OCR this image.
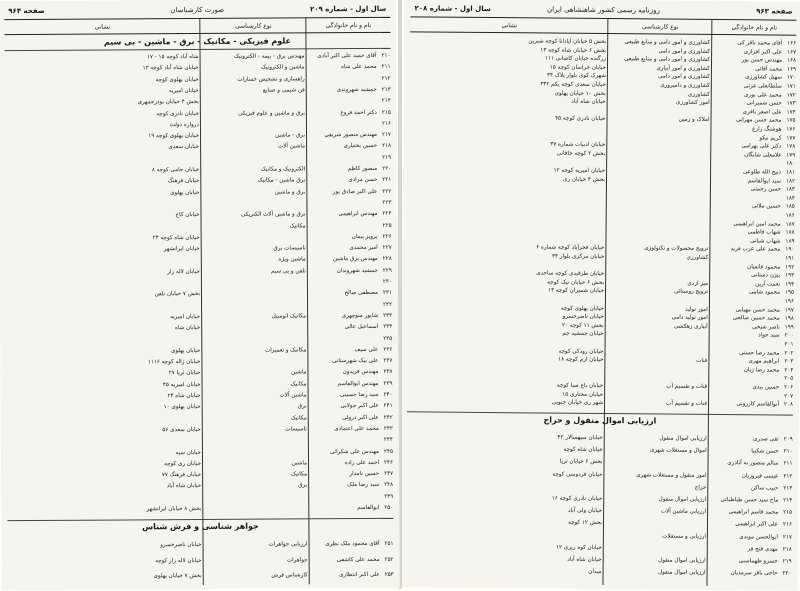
صفحه ۹۶۳
روزنامه رسمی کشور شاهنشاهی ایران
سال اول - شماره ۲۰۸
نام و نام خانوادگی
نوع کارشناسی
نشانی
۱۶۶
آقای محمد باقر کی
کشاورزی و امور دامی و منابع طبیعی
بخش ۵ خیابان آپادانا کوچه شیرین
۱۶۷
علی اکبر افرازی
کشاورزی و امور دامی
بخش ۶ خیابان شاه کوچه ۱۳
۱۶۸
مهندس حسن پور
کشاورزی و امور دامی و منابع طبیعی
زرگنده خیابان کاشانی ۱۱۱
۱۶۹
محمد آقائی
کشاورزی و امور آبیاری
خیابان خراسان کوچه ۱۵
۱۷۰
سهیل کشاورزی
کشاورزی و امور دامی
شهرک کوی بلوار پلاک ۳۴
۱۷۱
سلطانعلی عزتی
کشاورزی و دامپروری
خیابان سعدی کوچه یکم ۳۴۲
۱۷۲
محمد علی بوری
کشاورزی
بخش ۱۰ خیابان پهلوی
۱۷۳
حسن شمیرانی
امور کشاورزی
خیابان شاه آباد
۱۷۴
علی اصغر باقری
۱۷۵
محمد حسن مهرانی
املاک و زمین
خیابان نادری کوچه ۴۵
۱۷۶
هوشنگ زارع
۱۷۷
کریم نیکو
۱۷۸
دکتر علی بهرامی
خیابان ادبیات شماره ۳۷
۱۷۹
غلامعلی شایگان
بخش ۲ کوچه خاقانی
۱۸۰
۱۸۱
ذبیح الله طلوعی
خیابان امیریه کوچه ۱۲
۱۸۲
سید ابوالقاسم
بخش ۳ خیابان ری
۱۸۳
حسن رحمتی
۱۸۴
۱۸۵
حسین ملائی
۱۸۶
۱۸۷
محمد امین ابراهیمی
۱۸۸
شهاب فاطمی
۱۸۹
شهاب شبانی
۱۹۰
محمد علی عرب فرید
ترویج محصولات و تکنولوژی
خیابان فخرآباد کوچه شماره ۶
۱۹۱
کشاورزی
خیابان مرکزی بلوار ۳۴
۱۹۲
محمود قانعیان
۱۹۳
بیژن دستانی
خیابان طرقبدی کوچه ساجدی
۱۹۴
نعمت آرین
میز ازدی
بخش ۶ خیابان نیک کوچه
۱۹۵
محمود شامی
ترویج روستائی
خیابان شمیران کوچه ۱۳
۱۹۶
۱۹۷
محمد حسن مهیایی
امور تولید
خیابان پهلوی کوچه
۱۹۸
محمد حسین صالحی
امور تولید دامی
خیابان ناصرخسرو
۱۹۹
ناصر شیخی
آبیاری زهکشی
بخش ۱۱ کوچه ۲۰
۲۰۰
سید جواد
خیابان جمشید جم
۲۰۱
۲۰۲
محمد رضا حسنی
خیابان رودکی کوچه
۲۰۳
ابراهیم مهری
قنات
خیابان ارم کوچه ۱۸
۲۰۴
محمد رضا ژیان
۲۰۵
۲۰۶
حسین بیدی
قنات و تقسیم آب
خیابان باغ صبا کوچه
۲۰۷
خیابان مختاری ۱۵
۲۰۸
آبوالقاسم کازرونی
قنات و تقسیم آب
شهر ری خیابان جنوبی
ارزیابی اموال منقول و حراج
۲۰۹
تقی صدری
ارزیابی اموال منقول
خیابان سپهسالار ۴۲
۲۱۰
حسن شکیبا
اموال و مستغلات شهری
خیابان شاه کوچه
۲۱۱
سالم منصور به آتاذری
بخش ۶ خیابان ثریا
۲۱۲
عیسی فیروزیان
امور منقول و مستغلات شهری
خیابان فردوسی کوچه
۲۱۳
حبیب ساکن
حراج
۲۱۴
ماح سید حسن طباطبائی
ارزیابی اموال منقول
خیابان نادری کوچه ۱۶
۲۱۵
محمد قاسم ابراهیمی
ارزیابی ماشین آلات
خیابان ولی آباد
۲۱۶
علی اکبر ابراهیمی
بخش ۱۲ کوچه
۲۱۷
ابوالحسن موبدی
ارزیابی و مستغلات
۲۱۸
مهدی فتح فر
خیابان کوه ریزی ۱۲
۲۱۹
خسرو طهماسبی
ارزیابی اموال منقول
خیابان شاه آباد
۲۲۰
حاجی باقر سرمدیان
ارزیابی اموال منقول
میدان
سال اول - شماره ۲۰۹
صورت کارشناسان
صفحه ۹۶۴
نام و نام خانوادگی
نوع کارشناسی
نشانی
علوم فیزیکی - مکانیک - برق - ماشین - بی سیم
۲۱۰
آقای حمید علی اکبر آبادی
مهندس برق - بیمه - الکترونیک
شاه آباد کوچه ۱۵ - ۱۷
۲۱۱
محمد علی شاه
ماشین و الکترونیک
خیابان شاه آباد کوچه ۱۳
۲۱۲
راهسازی و تشخیص خسارات
خیابان پهلوی کوچه
۲۱۳
جمشید شهروندی
فن شیمی و صنایع
خیابان امیریه
۲۱۴
بخش ۴ خیابان بوذرجمهری
۲۱۵
دکتر احمد فروغ
برق و ماشین و علوم فیزیکی
خیابان نادری کوچه
۲۱۶
دروازه دولت
۲۱۷
مهندس منصور شریفی
برق - ماشین
خیابان پهلوی کوچه ۱۹
۲۱۸
حسین بختیاری
ماشین آلات
خیابان سعدی
۲۱۹
۲۲۰
منصور کاظم
الکترونیک و مکانیک
خیابان جامی کوچه ۸
۲۲۱
حسن مرادی
برق ماشین - مکانیک
خیابان فرهنگ
۲۲۲
علی اکبر صادق پور
برق و ماشین
خیابان پهلوی
۲۲۳
۲۲۴
مهندس ابراهیمی
برق و ماشین آلات الکتریکی
خیابان کاخ
۲۲۵
مکانیک
۲۲۶
پرویز پیمان
خیابان شاه کوچه ۲۴
۲۲۷
امیر محمدی
تاسیسات برق
خیابان ایرانشهر
۲۲۸
مهندس برق ماشین
ماشین ویژه
۲۲۹
جمشید شهروندان
تلفن و بی سیم
خیابان لاله زار
۲۳۰
۲۳۱
مصطفی صالح
بخش ۷ خیابان تلفن
۲۳۲
۲۳۳
شاپور منوچهری
مکانیک اتومبیل
خیابان امیریه
۲۳۴
اسماعیل عالی
خیابان شاه
۲۳۵
۲۳۶
علی سیف
مکانیک و تعمیرات
خیابان پهلوی
۲۳۷
علی بیک شهرستانی
خیابان ژاله کوچه ۱۱۱۶
۲۳۸
مهندس فریدون
ماشین
خیابان ثریا ۲۷
۲۳۹
مهندس ابوالقاسم
مکانیک
خیابان امیریه ۴۵
۲۴۰
سید رضا حسینی
ماشین آلات
خیابان شاه ۲۴
۲۴۱
علی اکبر جولایی
برق
خیابان پهلوی ۱۰
۲۴۲
علی اکبر درولی
مکانیک
۲۴۳
محمد علی اعتمادی
تاسیسات
خیابان سعدی ۵۶
۲۴۴
۲۴۵
مهندس علی شکرائی
خیابان سپه
۲۴۶
احمد علی زاده
ماشین
خیابان ری کوچه
۲۴۷
حسین نامدار
مکانیک
خیابان فرهنگ ۷۷
۲۴۸
سید رضا ملک
برق
خیابان شاه آباد
۲۴۹
۲۵۰
ابوالقاسم
بخش ۸ خیابان ایرانشهر
جواهر شناسی و فرش شناس
۲۵۱
آقای محمود ملک نظری
ارزیابی جواهرات
خیابان ناصرخسرو
۲۵۲
محمد علی کاشفی
جواهرات
خیابان لاله زار کوچه
۲۵۳
علی اکبر انتظاری
کارشناس فرش
بخش ۷ خیابان پهلوی
